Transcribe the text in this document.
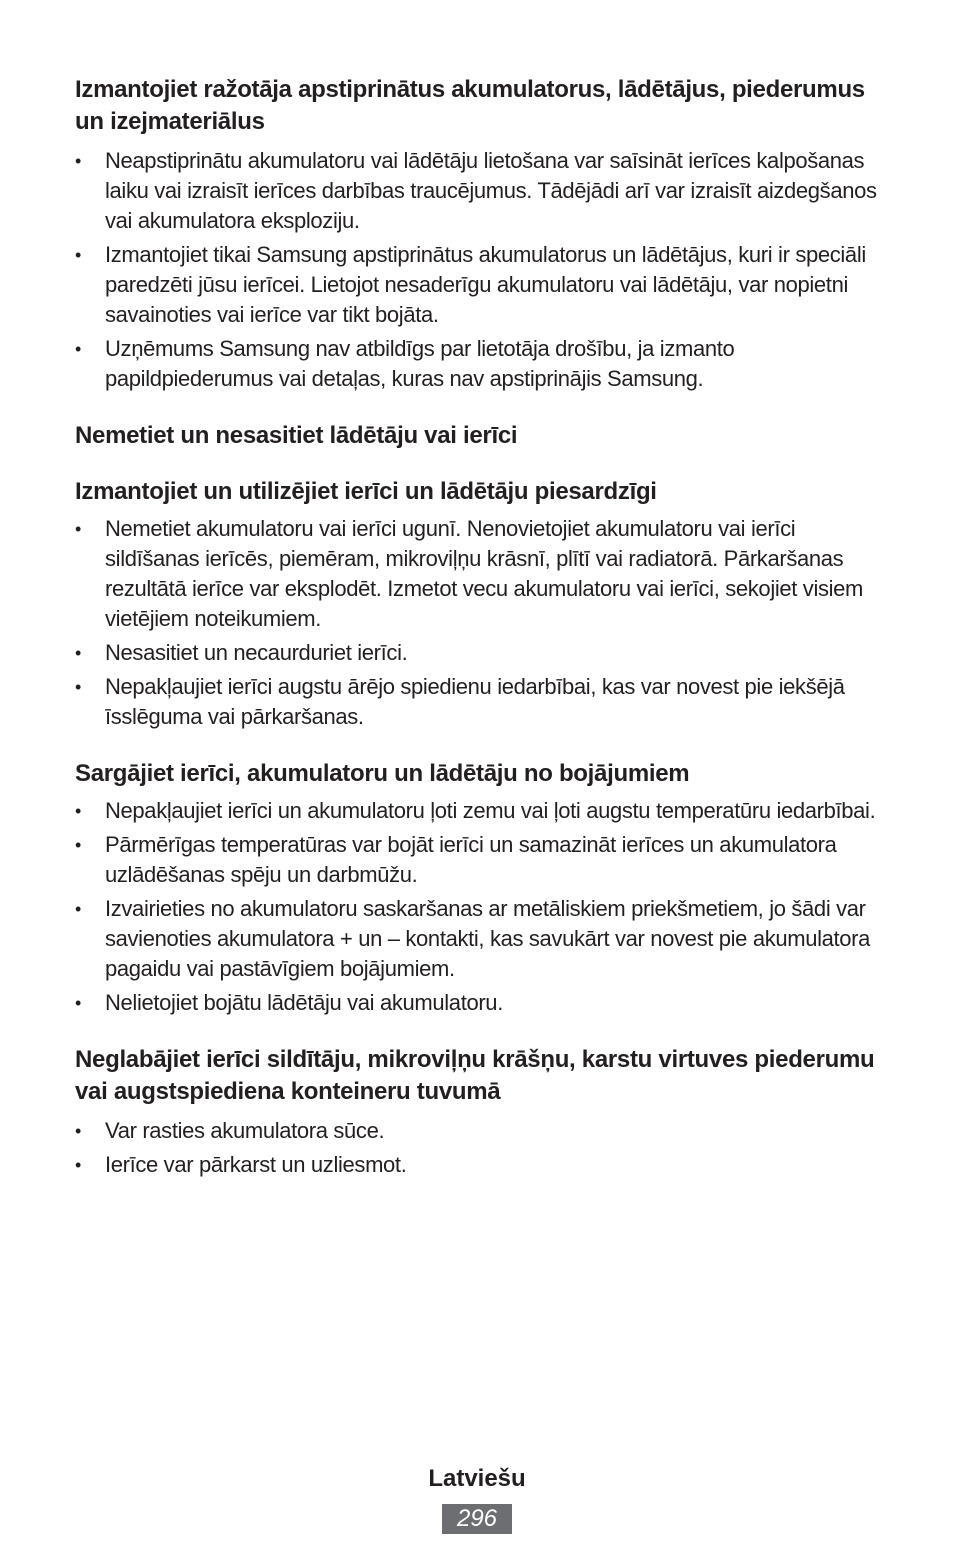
Izmantojiet ražotāja apstiprinātus akumulatorus, lādētājus, piederumus un izejmateriālus
• Neapstiprinātu akumulatoru vai lādētāju lietošana var saīsināt ierīces kalpošanas laiku vai izraisīt ierīces darbības traucējumus. Tādējādi arī var izraisīt aizdegšanos vai akumulatora eksploziju.
• Izmantojiet tikai Samsung apstiprinātus akumulatorus un lādētājus, kuri ir speciāli paredzēti jūsu ierīcei. Lietojot nesaderīgu akumulatoru vai lādētāju, var nopietni savainoties vai ierīce var tikt bojāta.
• Uzņēmums Samsung nav atbildīgs par lietotāja drošību, ja izmanto papildpiederumus vai detaļas, kuras nav apstiprinājis Samsung.
Nemetiet un nesasitiet lādētāju vai ierīci
Izmantojiet un utilizējiet ierīci un lādētāju piesardzīgi
• Nemetiet akumulatoru vai ierīci ugunī. Nenovietojiet akumulatoru vai ierīci sildīšanas ierīcēs, piemēram, mikroviļņu krāsnī, plītī vai radiatorā. Pārkaršanas rezultātā ierīce var eksplodēt. Izmetot vecu akumulatoru vai ierīci, sekojiet visiem vietējiem noteikumiem.
• Nesasitiet un necaurduriet ierīci.
• Nepakļaujiet ierīci augstu ārējo spiedienu iedarbībai, kas var novest pie iekšējā īsslēguma vai pārkaršanas.
Sargājiet ierīci, akumulatoru un lādētāju no bojājumiem
• Nepakļaujiet ierīci un akumulatoru ļoti zemu vai ļoti augstu temperatūru iedarbībai.
• Pārmērīgas temperatūras var bojāt ierīci un samazināt ierīces un akumulatora uzlādēšanas spēju un darbmūžu.
• Izvairieties no akumulatoru saskaršanas ar metāliskiem priekšmetiem, jo šādi var savienoties akumulatora + un – kontakti, kas savukārt var novest pie akumulatora pagaidu vai pastāvīgiem bojājumiem.
• Nelietojiet bojātu lādētāju vai akumulatoru.
Neglabājiet ierīci sildītāju, mikroviļņu krāšņu, karstu virtuves piederumu vai augstspiediena konteineru tuvumā
• Var rasties akumulatora sūce.
• Ierīce var pārkarst un uzliesmot.

Latviešu

296
